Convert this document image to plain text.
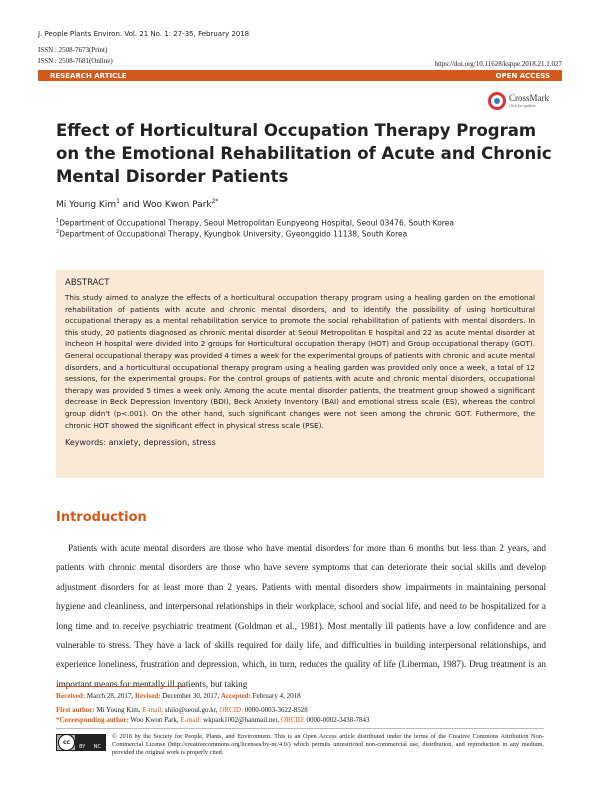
J. People Plants Environ. Vol. 21 No. 1: 27-35, February 2018
ISSN : 2508-7673(Print)
ISSN : 2508-7681(Online)	https://doi.org/10.11628/ksppe.2018.21.1.027
RESEARCH ARTICLE	OPEN ACCESS
CrossMark
click for updates
Effect of Horticultural Occupation Therapy Program on the Emotional Rehabilitation of Acute and Chronic Mental Disorder Patients
Mi Young Kim$^1$ and Woo Kwon Park$^{2*}$
$^1$Department of Occupational Therapy, Seoul Metropolitan Eunpyeong Hospital, Seoul 03476, South Korea
$^2$Department of Occupational Therapy, Kyungbok University, Gyeonggido 11138, South Korea
ABSTRACT
This study aimed to analyze the effects of a horticultural occupation therapy program using a healing garden on the emotional rehabilitation of patients with acute and chronic mental disorders, and to identify the possibility of using horticultural occupational therapy as a mental rehabilitation service to promote the social rehabilitation of patients with mental disorders. In this study, 20 patients diagnosed as chronic mental disorder at Seoul Metropolitan E hospital and 22 as acute mental disorder at Incheon H hospital were divided into 2 groups for Horticultural occupation therapy (HOT) and Group occupational therapy (GOT). General occupational therapy was provided 4 times a week for the experimental groups of patients with chronic and acute mental disorders, and a horticultural occupational therapy program using a healing garden was provided only once a week, a total of 12 sessions, for the experimental groups. For the control groups of patients with acute and chronic mental disorders, occupational therapy was provided 5 times a week only. Among the acute mental disorder patients, the treatment group showed a significant decrease in Beck Depression Inventory (BDI), Beck Anxiety Inventory (BAI) and emotional stress scale (ES), whereas the control group didn't (p<.001). On the other hand, such significant changes were not seen among the chronic GOT. Futhermore, the chronic HOT showed the significant effect in physical stress scale (PSE).
Keywords: anxiety, depression, stress
Introduction

Patients with acute mental disorders are those who have mental disorders for more than 6 months but less than 2 years, and patients with chronic mental disorders are those who have severe symptoms that can deteriorate their social skills and develop adjustment disorders for at least more than 2 years. Patients with mental disorders show impairments in maintaining personal hygiene and cleanliness, and interpersonal relationships in their workplace, school and social life, and need to be hospitalized for a long time and to receive psychiatric treatment (Goldman et al., 1981). Most mentally ill patients have a low confidence and are vulnerable to stress. They have a lack of skills required for daily life, and difficulties in building interpersonal relationships, and experience loneliness, frustration and depression, which, in turn, reduces the quality of life (Liberman, 1987). Drug treatment is an important means for mentally ill patients, but taking

Received: March 28, 2017, Revised: December 30, 2017, Accepted: February 4, 2018
First author: Mi Young Kim, E-mail: shilo@seoul.go.kr, ORCID: 0000-0003-3622-8528
*Corresponding author: Woo Kwon Park, E-mail: wkpark1002@hanmail.net, ORCID: 0000-0002-3438-7843
cc
BY NC
© 2018 by the Society for People, Plants, and Environment. This is an Open Access article distributed under the terms of the Creative Commons Attribution Non-Commercial License (http://creativecommons.org/licenses/by-nc/4.0/) which permits unrestricted non-commercial use, distribution, and reproduction in any medium, provided the original work is properly cited.
